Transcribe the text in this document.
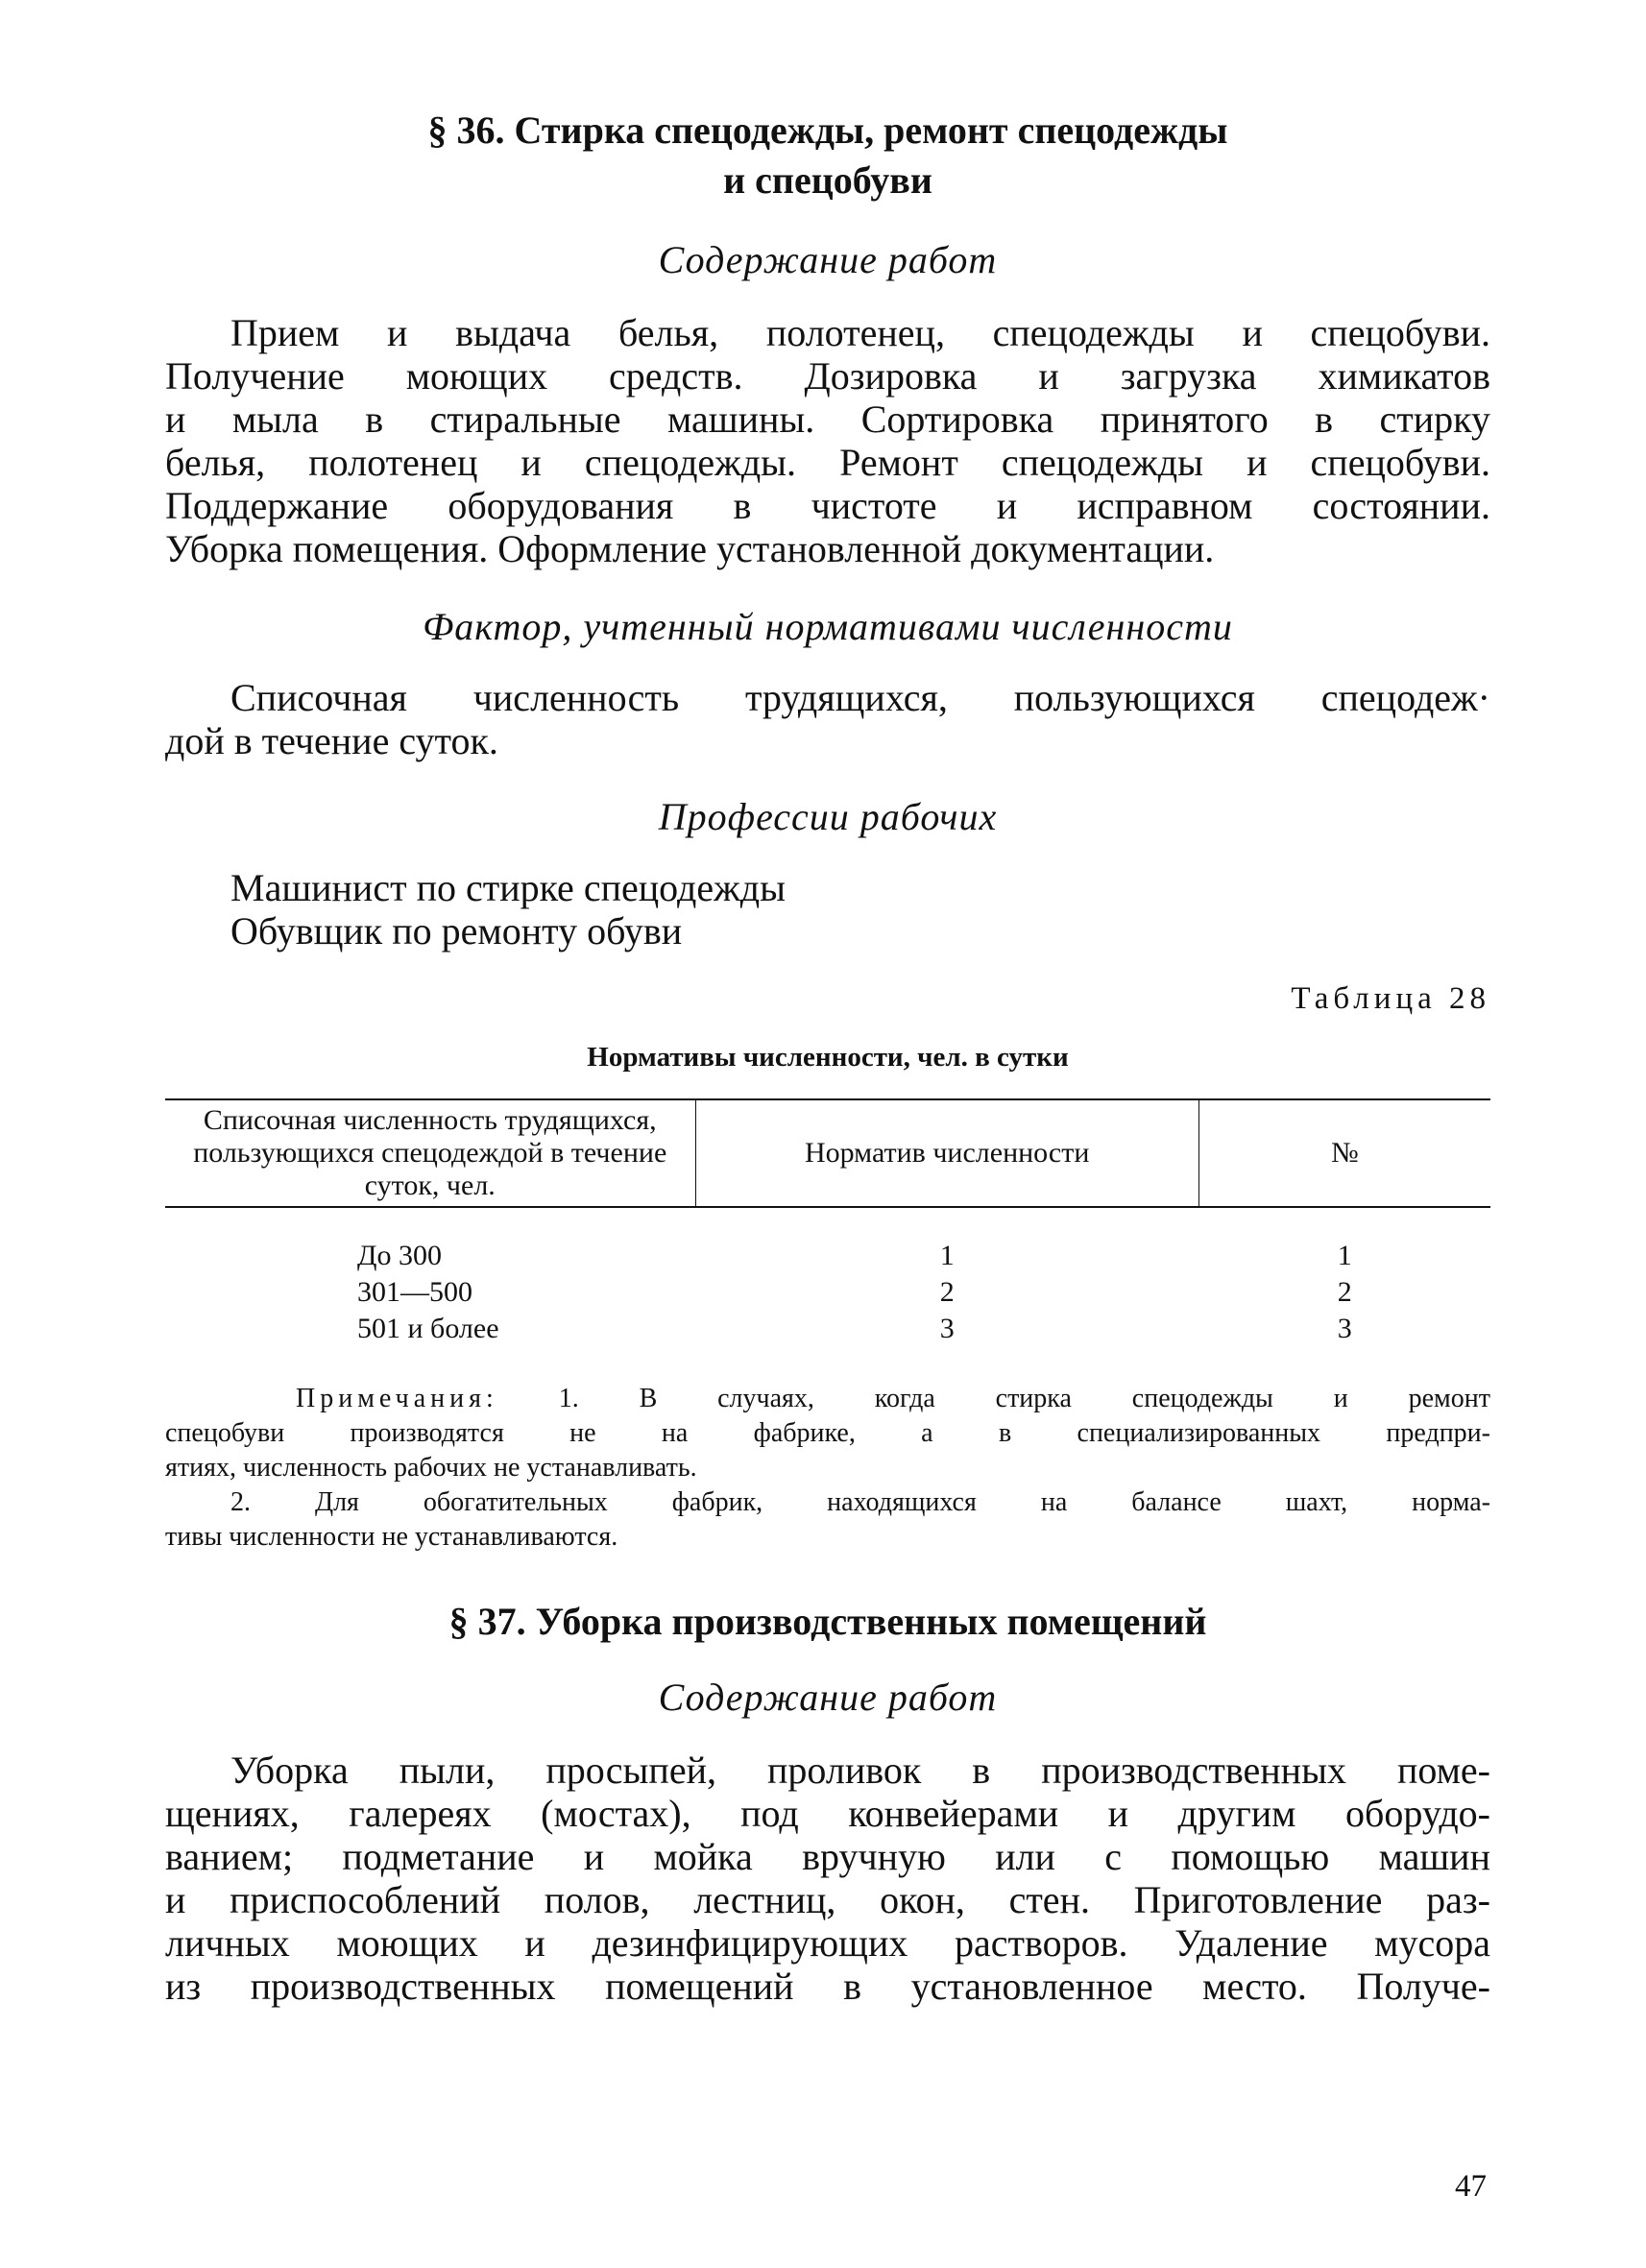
§ 36. Стирка спецодежды, ремонт спецодежды
и спецобуви

Содержание работ

Прием и выдача белья, полотенец, спецодежды и спецобуви.
Получение моющих средств. Дозировка и загрузка химикатов
и мыла в стиральные машины. Сортировка принятого в стирку
белья, полотенец и спецодежды. Ремонт спецодежды и спецобуви.
Поддержание оборудования в чистоте и исправном состоянии.
Уборка помещения. Оформление установленной документации.

Фактор, учтенный нормативами численности

Списочная численность трудящихся, пользующихся спецодеж·
дой в течение суток.

Профессии рабочих

Машинист по стирке спецодежды

Обувщик по ремонту обуви

Таблица 28

Нормативы численности, чел. в сутки

Списочная численность трудящихся, пользующихся спецодеждой в течение суток, чел.	Норматив численности	№

До 300	1	1
301—500	2	2
501 и более	3	3
Примечания: 1. В случаях, когда стирка спецодежды и ремонт
спецобуви производятся не на фабрике, а в специализированных предпри-
ятиях, численность рабочих не устанавливать.
2. Для обогатительных фабрик, находящихся на балансе шахт, норма-
тивы численности не устанавливаются.
§ 37. Уборка производственных помещений

Содержание работ

Уборка пыли, просыпей, проливок в производственных поме-
щениях, галереях (мостах), под конвейерами и другим оборудо-
ванием; подметание и мойка вручную или с помощью машин
и приспособлений полов, лестниц, окон, стен. Приготовление раз-
личных моющих и дезинфицирующих растворов. Удаление мусора
из производственных помещений в установленное место. Получе-
47
